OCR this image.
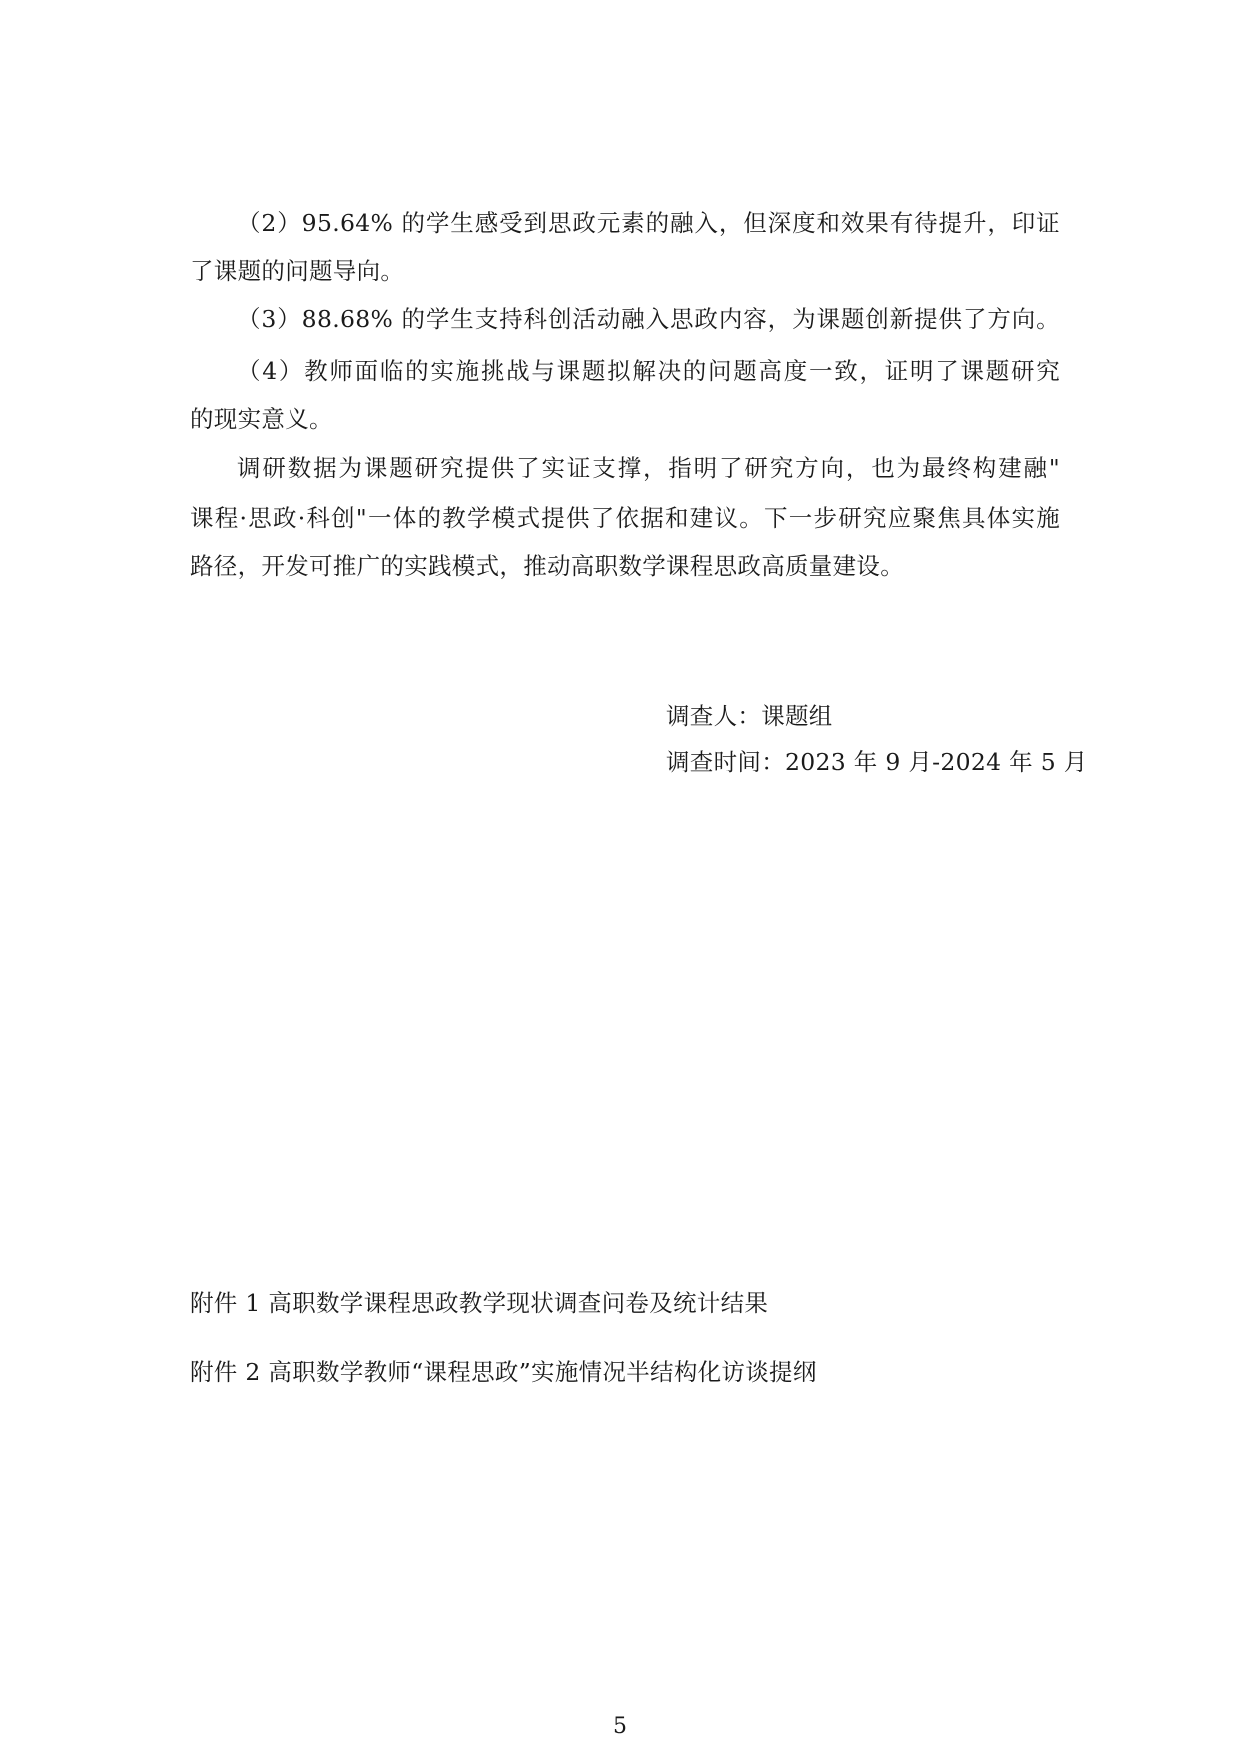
（2）95.64% 的学生感受到思政元素的融入，但深度和效果有待提升，印证
了课题的问题导向。
（3）88.68% 的学生支持科创活动融入思政内容，为课题创新提供了方向。
（4）教师面临的实施挑战与课题拟解决的问题高度一致，证明了课题研究
的现实意义。
调研数据为课题研究提供了实证支撑，指明了研究方向，也为最终构建融"
课程·思政·科创"一体的教学模式提供了依据和建议。下一步研究应聚焦具体实施
路径，开发可推广的实践模式，推动高职数学课程思政高质量建设。
调查人：课题组
调查时间：2023 年 9 月-2024 年 5 月
附件 1 高职数学课程思政教学现状调查问卷及统计结果
附件 2 高职数学教师“课程思政”实施情况半结构化访谈提纲
5
